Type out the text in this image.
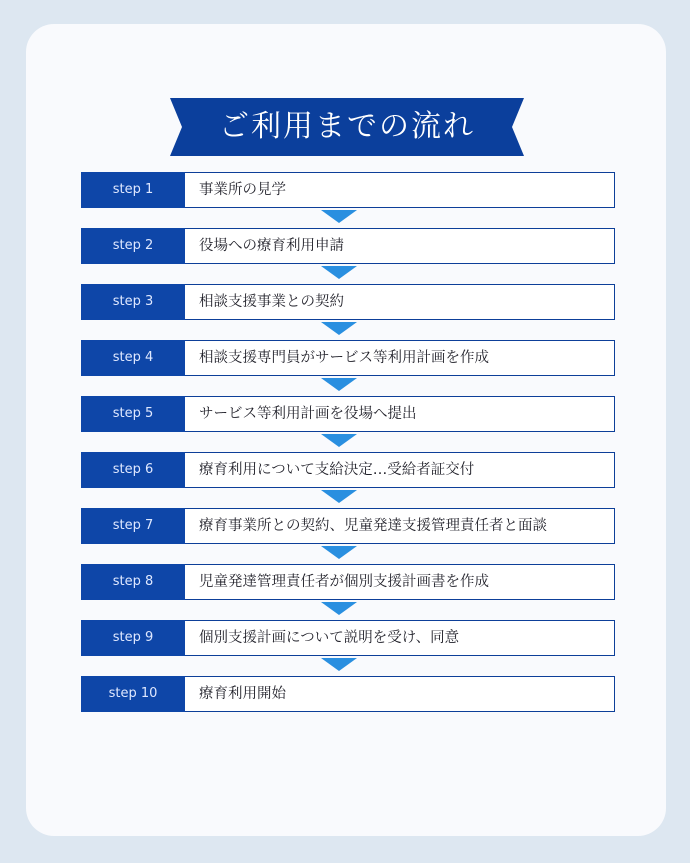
ご利用までの流れ
step 1	事業所の見学
step 2	役場への療育利用申請
step 3	相談支援事業との契約
step 4	相談支援専門員がサービス等利用計画を作成
step 5	サービス等利用計画を役場へ提出
step 6	療育利用について支給決定…受給者証交付
step 7	療育事業所との契約、児童発達支援管理責任者と面談
step 8	児童発達管理責任者が個別支援計画書を作成
step 9	個別支援計画について説明を受け、同意
step 10	療育利用開始
